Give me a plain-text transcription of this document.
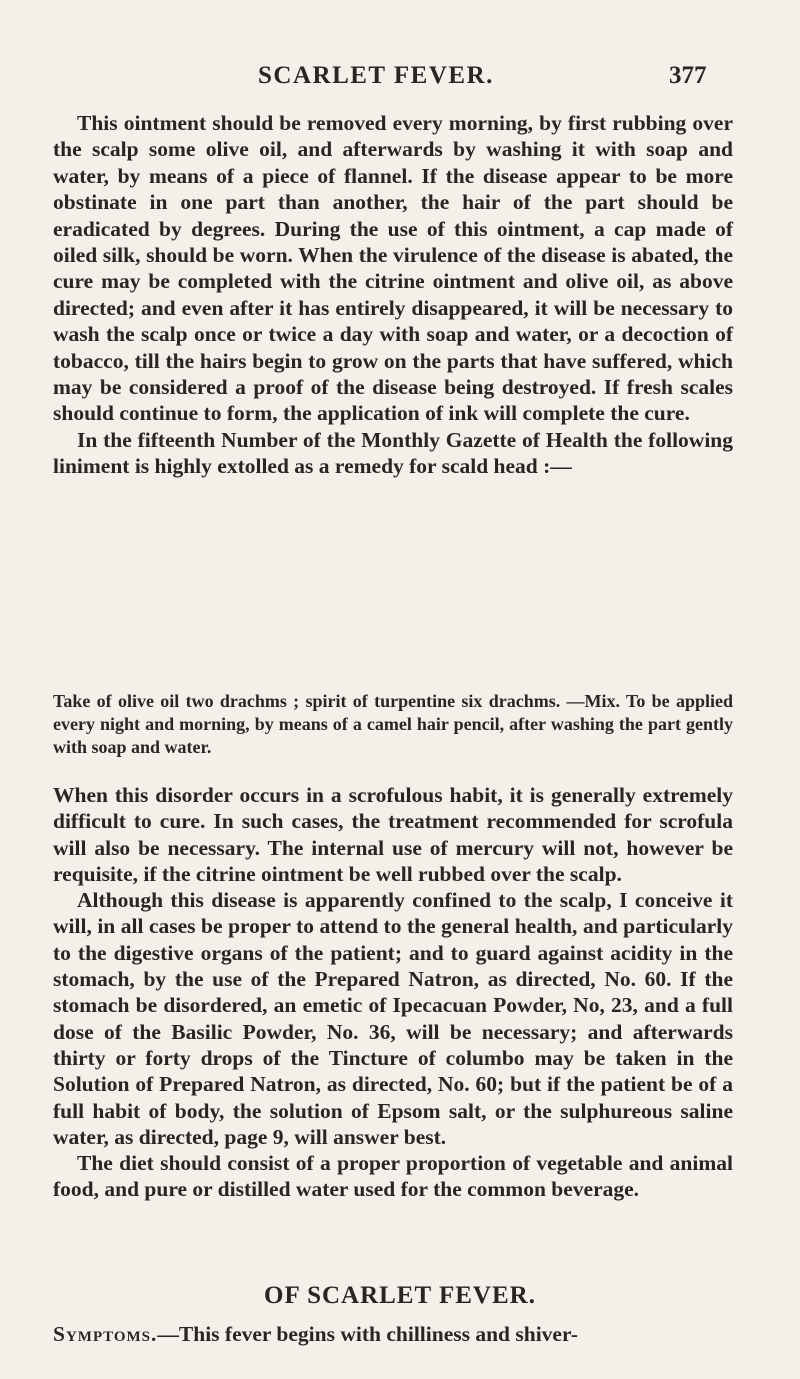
SCARLET FEVER.	377

This ointment should be removed every morning, by first rubbing over the scalp some olive oil, and afterwards by washing it with soap and water, by means of a piece of flannel. If the disease appear to be more obstinate in one part than another, the hair of the part should be eradicated by degrees. During the use of this ointment, a cap made of oiled silk, should be worn. When the virulence of the disease is abated, the cure may be completed with the citrine ointment and olive oil, as above directed; and even after it has entirely disappeared, it will be necessary to wash the scalp once or twice a day with soap and water, or a decoction of tobacco, till the hairs begin to grow on the parts that have suffered, which may be considered a proof of the disease being destroyed. If fresh scales should continue to form, the application of ink will complete the cure.

In the fifteenth Number of the Monthly Gazette of Health the following liniment is highly extolled as a remedy for scald head :—

Take of olive oil two drachms ; spirit of turpentine six drachms. —Mix. To be applied every night and morning, by means of a camel hair pencil, after washing the part gently with soap and water.

When this disorder occurs in a scrofulous habit, it is generally extremely difficult to cure. In such cases, the treatment recommended for scrofula will also be necessary. The internal use of mercury will not, however be requisite, if the citrine ointment be well rubbed over the scalp.

Although this disease is apparently confined to the scalp, I conceive it will, in all cases be proper to attend to the general health, and particularly to the digestive organs of the patient; and to guard against acidity in the stomach, by the use of the Prepared Natron, as directed, No. 60. If the stomach be disordered, an emetic of Ipecacuan Powder, No, 23, and a full dose of the Basilic Powder, No. 36, will be necessary; and afterwards thirty or forty drops of the Tincture of columbo may be taken in the Solution of Prepared Natron, as directed, No. 60; but if the patient be of a full habit of body, the solution of Epsom salt, or the sulphureous saline water, as directed, page 9, will answer best.

The diet should consist of a proper proportion of vegetable and animal food, and pure or distilled water used for the common beverage.

OF SCARLET FEVER.
Symptoms.—This fever begins with chilliness and shiver-
